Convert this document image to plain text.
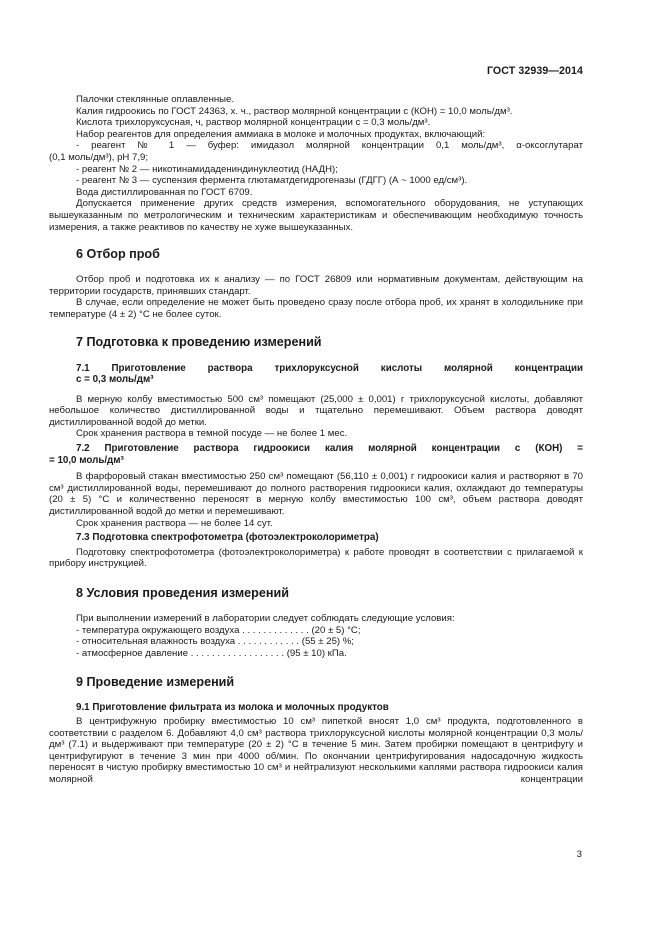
ГОСТ 32939—2014

Палочки стеклянные оплавленные.

Калия гидроокись по ГОСТ 24363, х. ч., раствор молярной концентрации с (КОН) = 10,0 моль/дм³.

Кислота трихлоруксусная, ч, раствор молярной концентрации с = 0,3 моль/дм³.

Набор реагентов для определения аммиака в молоке и молочных продуктах, включающий:

- реагент № 1 — буфер: имидазол молярной концентрации 0,1 моль/дм³, α-оксоглутарат

(0,1 моль/дм³), рН 7,9;

- реагент № 2 — никотинамидадениндинуклеотид (НАДН);

- реагент № 3 — суспензия фермента глютаматдегидрогеназы (ГДГГ) (А ~ 1000 ед/см³).

Вода дистиллированная по ГОСТ 6709.

Допускается применение других средств измерения, вспомогательного оборудования, не уступающих вышеуказанным по метрологическим и техническим характеристикам и обеспечивающим необходимую точность измерения, а также реактивов по качеству не хуже вышеуказанных.

6 Отбор проб

Отбор проб и подготовка их к анализу — по ГОСТ 26809 или нормативным документам, действующим на территории государств, принявших стандарт.

В случае, если определение не может быть проведено сразу после отбора проб, их хранят в холодильнике при температуре (4 ± 2) °С не более суток.

7 Подготовка к проведению измерений
7.1 Приготовление раствора трихлоруксусной кислоты молярной концентрации
с = 0,3 моль/дм³

В мерную колбу вместимостью 500 см³ помещают (25,000 ± 0,001) г трихлоруксусной кислоты, добавляют небольшое количество дистиллированной воды и тщательно перемешивают. Объем раствора доводят дистиллированной водой до метки.

Срок хранения раствора в темной посуде — не более 1 мес.

7.2 Приготовление раствора гидроокиси калия молярной концентрации с (КОН) =
= 10,0 моль/дм³

В фарфоровый стакан вместимостью 250 см³ помещают (56,110 ± 0,001) г гидроокиси калия и растворяют в 70 см³ дистиллированной воды, перемешивают до полного растворения гидроокиси калия, охлаждают до температуры (20 ± 5) °С и количественно переносят в мерную колбу вместимостью 100 см³, объем раствора доводят дистиллированной водой до метки и перемешивают.

Срок хранения раствора — не более 14 сут.

7.3 Подготовка спектрофотометра (фотоэлектроколориметра)

Подготовку спектрофотометра (фотоэлектроколориметра) к работе проводят в соответствии с прилагаемой к прибору инструкцией.

8 Условия проведения измерений

При выполнении измерений в лаборатории следует соблюдать следующие условия:

- температура окружающего воздуха . . . . . . . . . . . . . (20 ± 5) °С;

- относительная влажность воздуха . . . . . . . . . . . . (55 ± 25) %;

- атмосферное давление . . . . . . . . . . . . . . . . . . (95 ± 10) кПа.

9 Проведение измерений
9.1 Приготовление фильтрата из молока и молочных продуктов

В центрифужную пробирку вместимостью 10 см³ пипеткой вносят 1,0 см³ продукта, подготовленного в соответствии с разделом 6. Добавляют 4,0 см³ раствора трихлоруксусной кислоты молярной концентрации 0,3 моль/дм³ (7.1) и выдерживают при температуре (20 ± 2) °С в течение 5 мин. Затем пробирки помещают в центрифугу и центрифугируют в течение 3 мин при 4000 об/мин. По окончании центрифугирования надосадочную жидкость переносят в чистую пробирку вместимостью 10 см³ и нейтрализуют несколькими каплями раствора гидроокиси калия молярной концентрации

3
